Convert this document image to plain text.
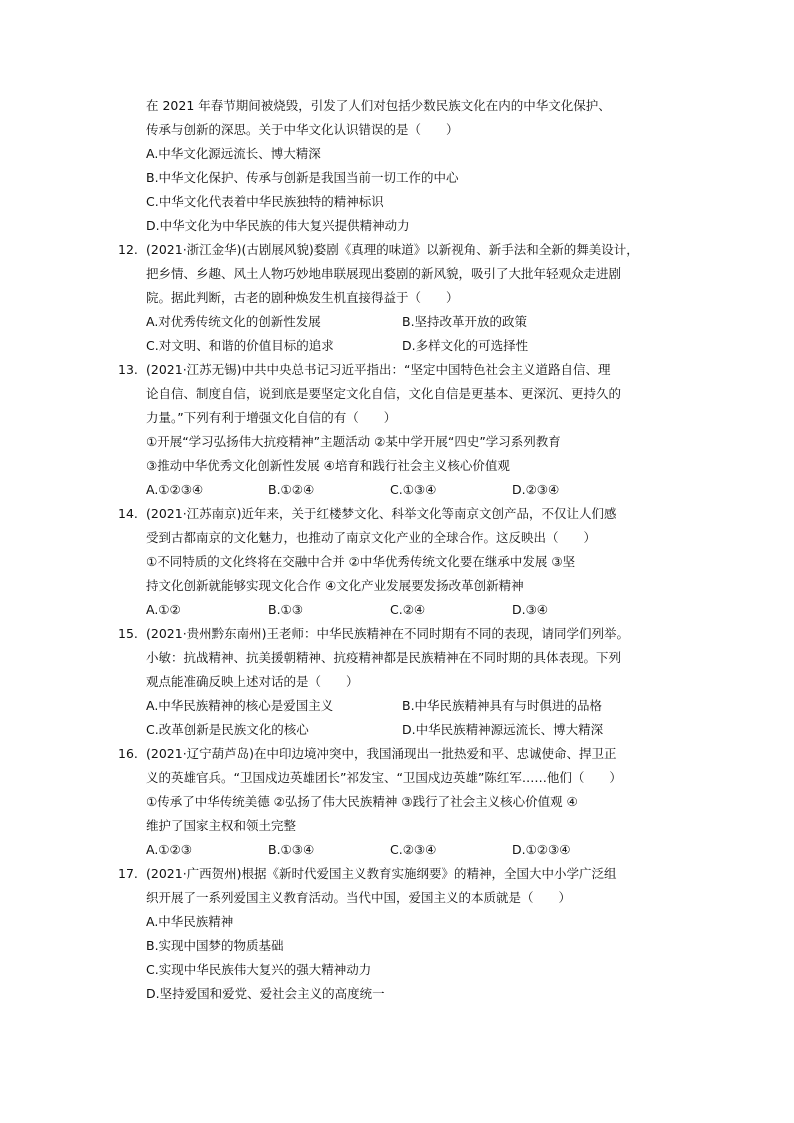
在 2021 年春节期间被烧毁，引发了人们对包括少数民族文化在内的中华文化保护、
传承与创新的深思。关于中华文化认识错误的是（　　）
A.中华文化源远流长、博大精深
B.中华文化保护、传承与创新是我国当前一切工作的中心
C.中华文化代表着中华民族独特的精神标识
D.中华文化为中华民族的伟大复兴提供精神动力
12. (2021·浙江金华)(古剧展风貌)婺剧《真理的味道》以新视角、新手法和全新的舞美设计，
把乡情、乡趣、风土人物巧妙地串联展现出婺剧的新风貌，吸引了大批年轻观众走进剧
院。据此判断，古老的剧种焕发生机直接得益于（　　）
A.对优秀传统文化的创新性发展	B.坚持改革开放的政策
C.对文明、和谐的价值目标的追求	D.多样文化的可选择性
13. (2021·江苏无锡)中共中央总书记习近平指出：“坚定中国特色社会主义道路自信、理
论自信、制度自信，说到底是要坚定文化自信，文化自信是更基本、更深沉、更持久的
力量。”下列有利于增强文化自信的有（　　）
①开展“学习弘扬伟大抗疫精神”主题活动 ②某中学开展“四史”学习系列教育
③推动中华优秀文化创新性发展 ④培育和践行社会主义核心价值观
A.①②③④	B.①②④	C.①③④	D.②③④
14. (2021·江苏南京)近年来，关于红楼梦文化、科举文化等南京文创产品，不仅让人们感
受到古都南京的文化魅力，也推动了南京文化产业的全球合作。这反映出（　　）
①不同特质的文化终将在交融中合并 ②中华优秀传统文化要在继承中发展 ③坚
持文化创新就能够实现文化合作 ④文化产业发展要发扬改革创新精神
A.①②	B.①③	C.②④	D.③④
15. (2021·贵州黔东南州)王老师：中华民族精神在不同时期有不同的表现，请同学们列举。
小敏：抗战精神、抗美援朝精神、抗疫精神都是民族精神在不同时期的具体表现。下列
观点能准确反映上述对话的是（　　）
A.中华民族精神的核心是爱国主义	B.中华民族精神具有与时俱进的品格
C.改革创新是民族文化的核心	D.中华民族精神源远流长、博大精深
16. (2021·辽宁葫芦岛)在中印边境冲突中，我国涌现出一批热爱和平、忠诚使命、捍卫正
义的英雄官兵。“卫国戍边英雄团长”祁发宝、“卫国戍边英雄”陈红军……他们（　　）
①传承了中华传统美德 ②弘扬了伟大民族精神 ③践行了社会主义核心价值观 ④
维护了国家主权和领土完整
A.①②③	B.①③④	C.②③④	D.①②③④
17. (2021·广西贺州)根据《新时代爱国主义教育实施纲要》的精神，全国大中小学广泛组
织开展了一系列爱国主义教育活动。当代中国，爱国主义的本质就是（　　）
A.中华民族精神
B.实现中国梦的物质基础
C.实现中华民族伟大复兴的强大精神动力
D.坚持爱国和爱党、爱社会主义的高度统一
